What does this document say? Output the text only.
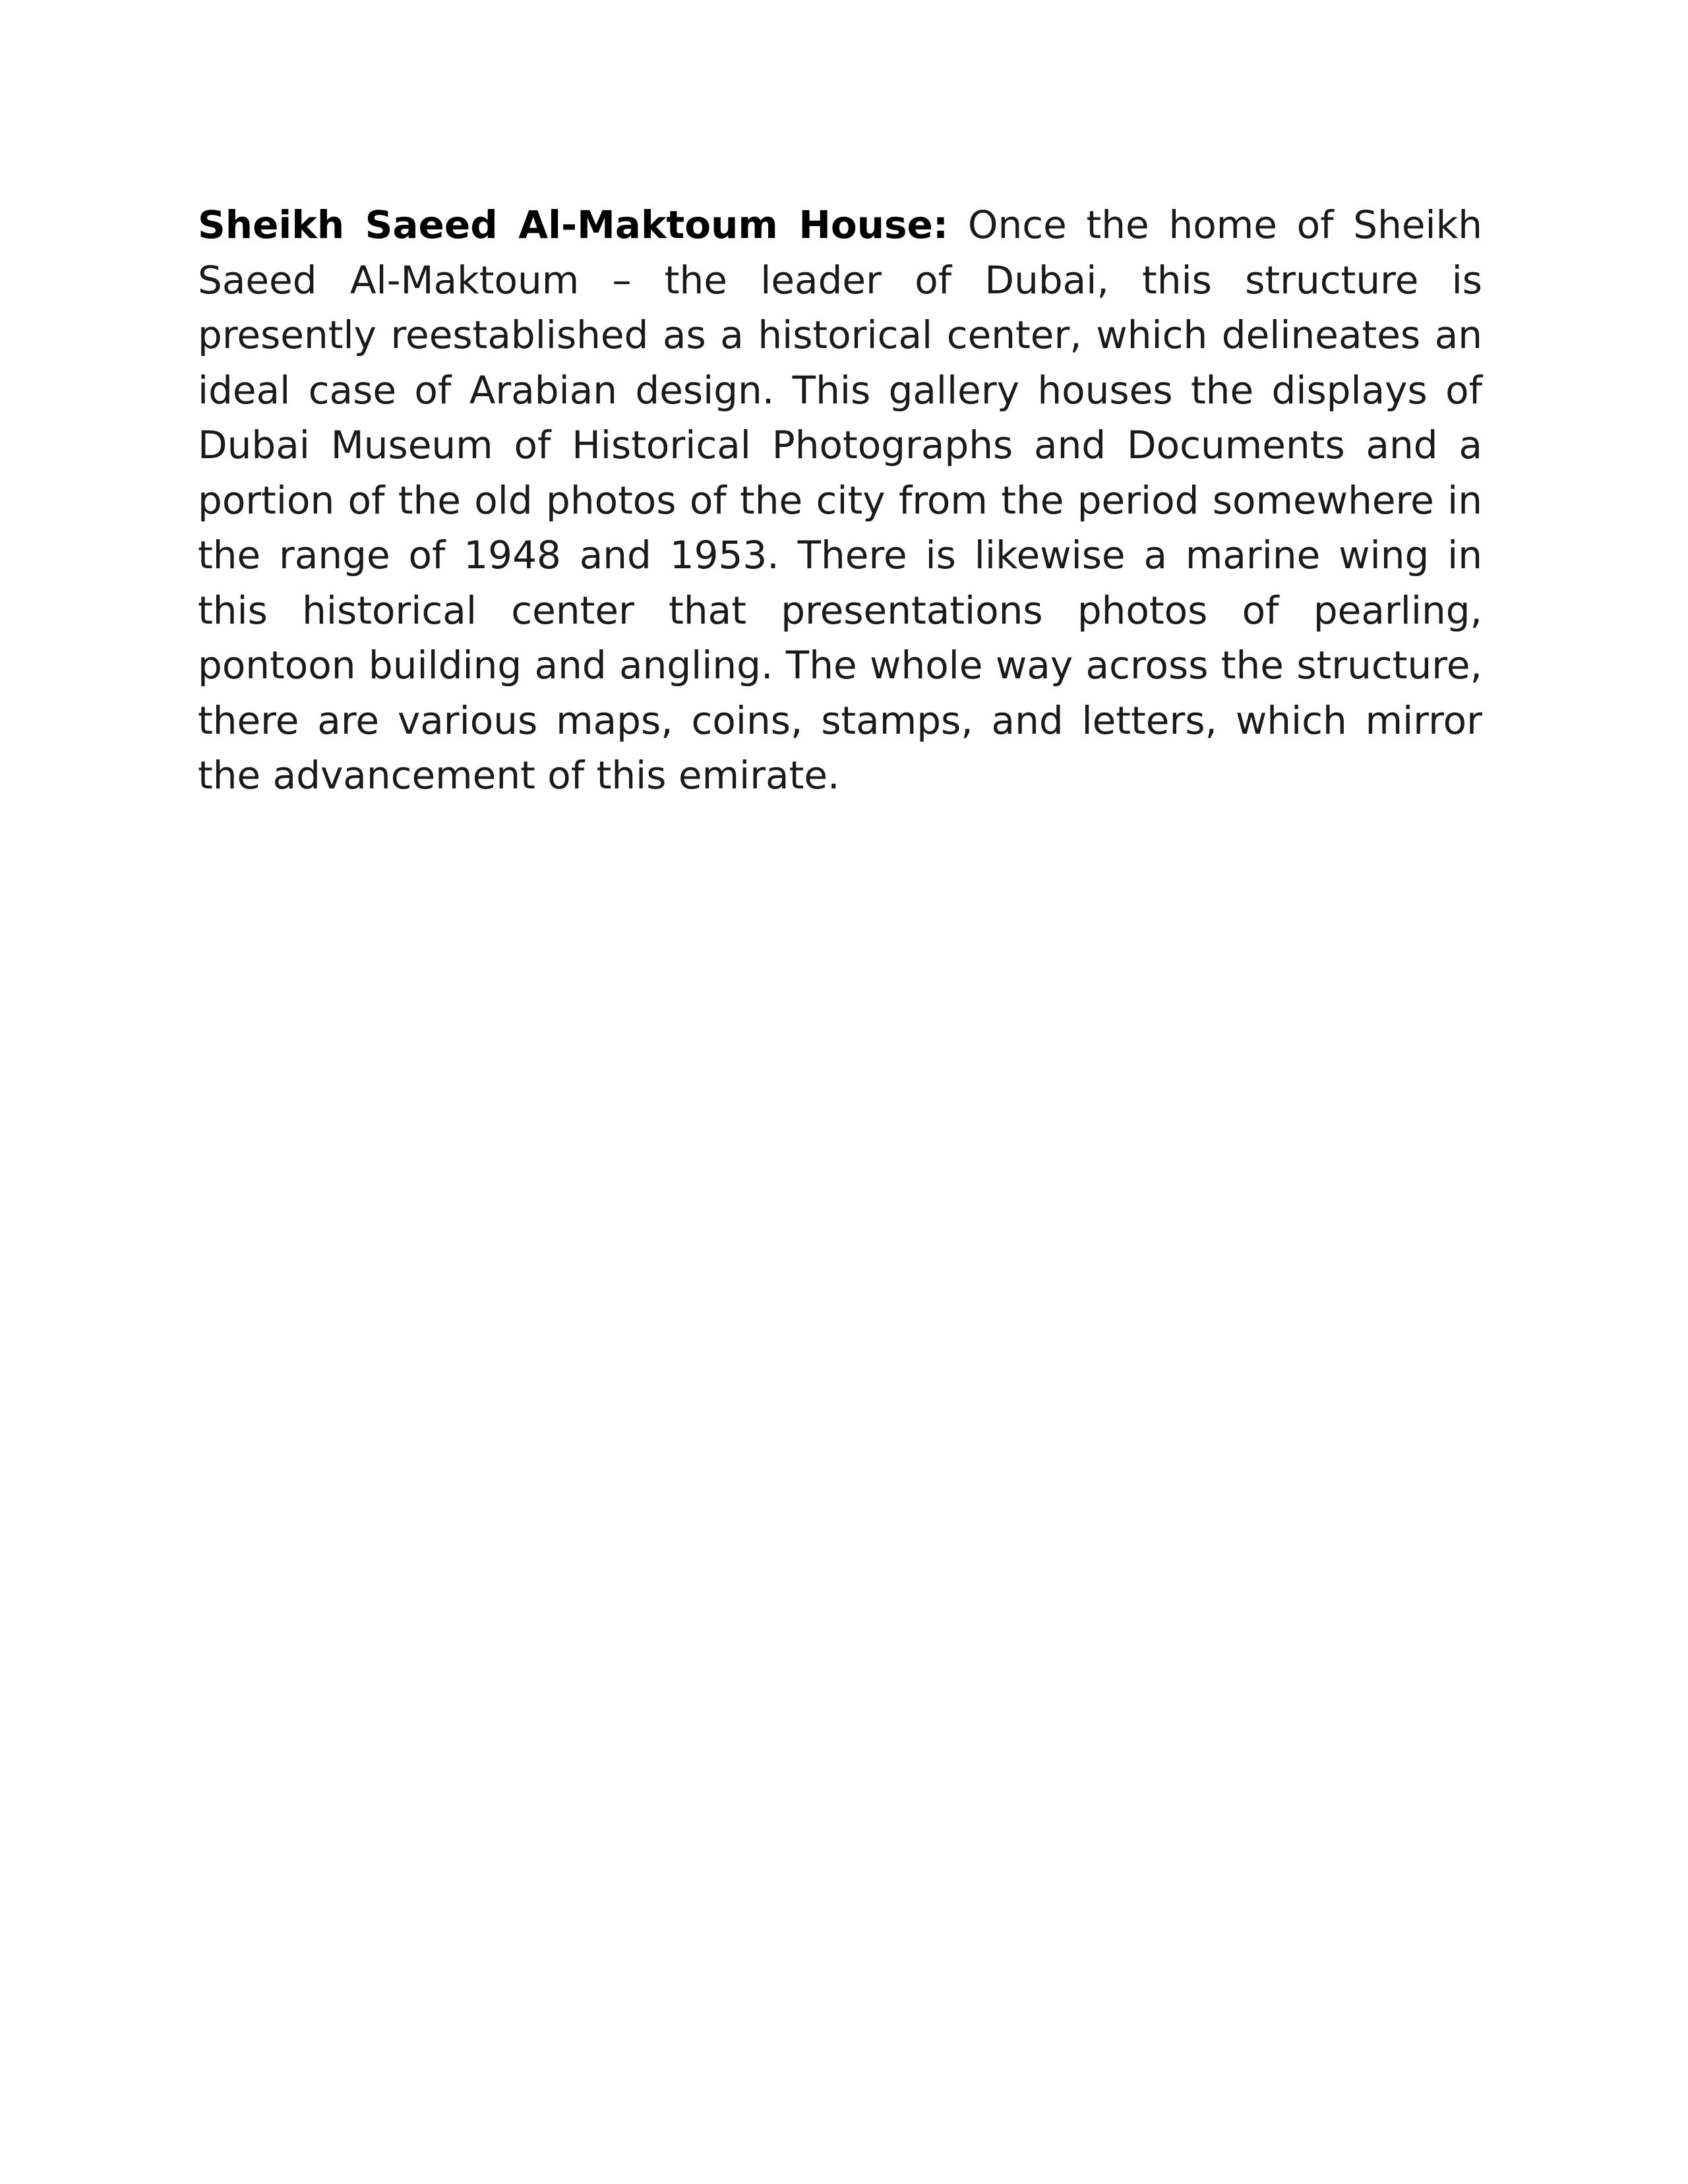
Sheikh Saeed Al-Maktoum House: Once the home of Sheikh Saeed Al-Maktoum – the leader of Dubai, this structure is presently reestablished as a historical center, which delineates an ideal case of Arabian design. This gallery houses the displays of Dubai Museum of Historical Photographs and Documents and a portion of the old photos of the city from the period somewhere in the range of 1948 and 1953. There is likewise a marine wing in this historical center that presentations photos of pearling, pontoon building and angling. The whole way across the structure, there are various maps, coins, stamps, and letters, which mirror the advancement of this emirate.
